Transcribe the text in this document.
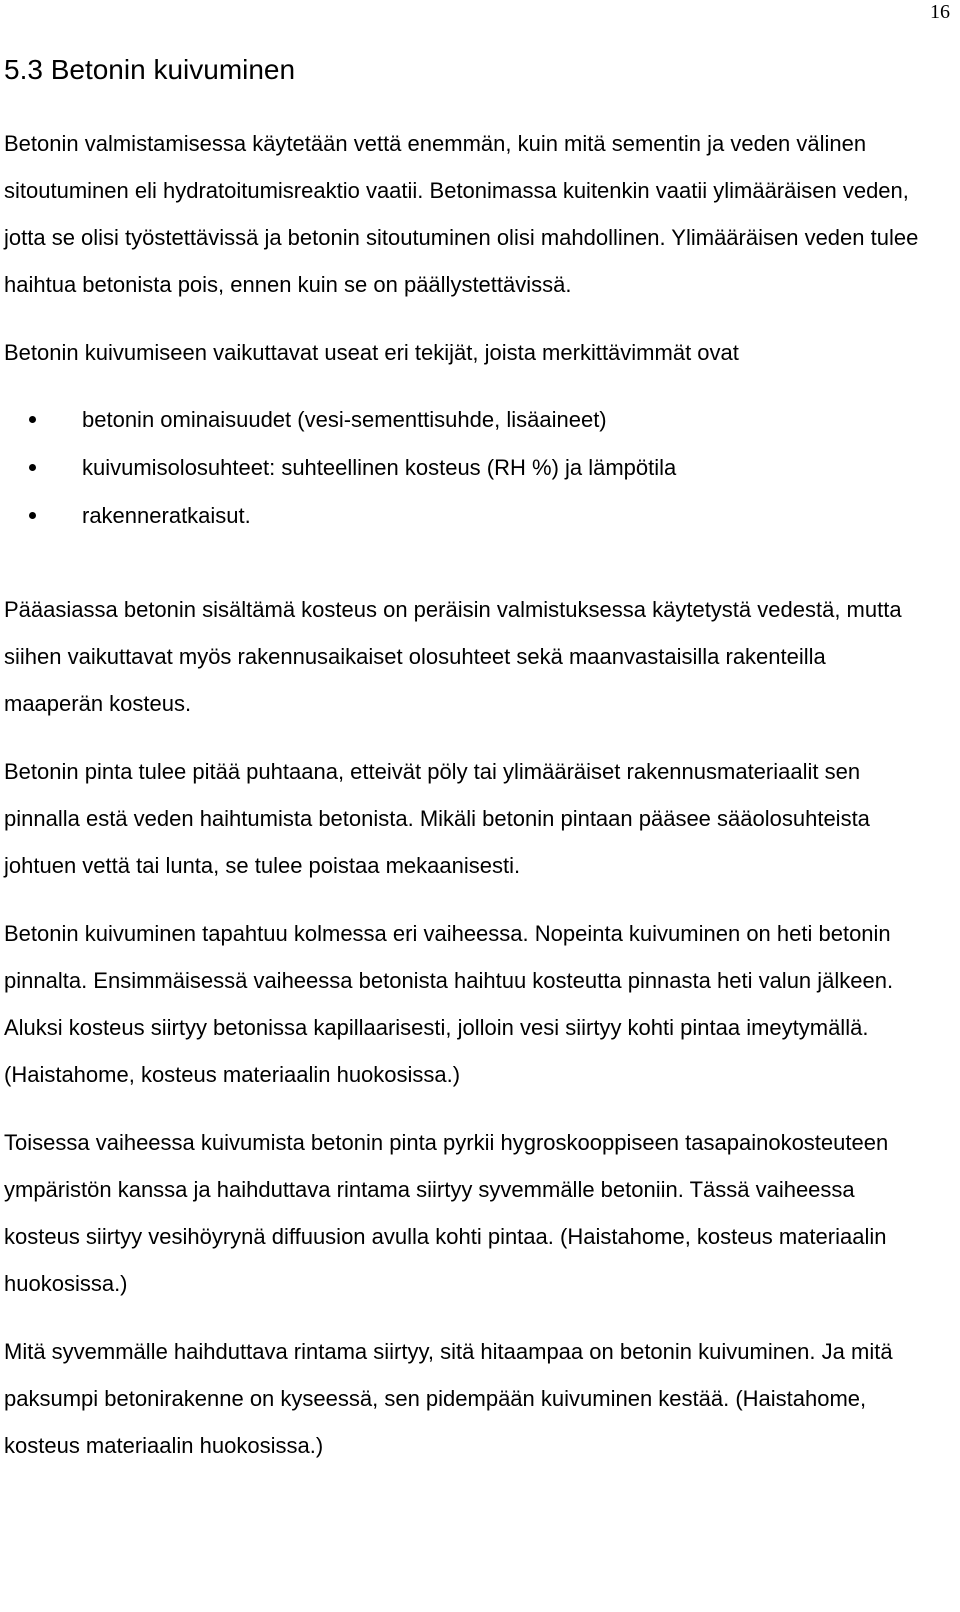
16
5.3 Betonin kuivuminen

Betonin valmistamisessa käytetään vettä enemmän, kuin mitä sementin ja veden välinen sitoutuminen eli hydratoitumisreaktio vaatii. Betonimassa kuitenkin vaatii ylimääräisen veden, jotta se olisi työstettävissä ja betonin sitoutuminen olisi mahdollinen. Ylimääräisen veden tulee haihtua betonista pois, ennen kuin se on päällystettävissä.

Betonin kuivumiseen vaikuttavat useat eri tekijät, joista merkittävimmät ovat

betonin ominaisuudet (vesi-sementtisuhde, lisäaineet)
kuivumisolosuhteet: suhteellinen kosteus (RH %) ja lämpötila
rakenneratkaisut.

Pääasiassa betonin sisältämä kosteus on peräisin valmistuksessa käytetystä vedestä, mutta siihen vaikuttavat myös rakennusaikaiset olosuhteet sekä maanvastaisilla rakenteilla maaperän kosteus.

Betonin pinta tulee pitää puhtaana, etteivät pöly tai ylimääräiset rakennusmateriaalit sen pinnalla estä veden haihtumista betonista. Mikäli betonin pintaan pääsee sääolosuhteista johtuen vettä tai lunta, se tulee poistaa mekaanisesti.

Betonin kuivuminen tapahtuu kolmessa eri vaiheessa. Nopeinta kuivuminen on heti betonin pinnalta. Ensimmäisessä vaiheessa betonista haihtuu kosteutta pinnasta heti valun jälkeen. Aluksi kosteus siirtyy betonissa kapillaarisesti, jolloin vesi siirtyy kohti pintaa imeytymällä. (Haistahome, kosteus materiaalin huokosissa.)

Toisessa vaiheessa kuivumista betonin pinta pyrkii hygroskooppiseen tasapainokosteuteen ympäristön kanssa ja haihduttava rintama siirtyy syvemmälle betoniin. Tässä vaiheessa kosteus siirtyy vesihöyrynä diffuusion avulla kohti pintaa. (Haistahome, kosteus materiaalin huokosissa.)

Mitä syvemmälle haihduttava rintama siirtyy, sitä hitaampaa on betonin kuivuminen. Ja mitä paksumpi betonirakenne on kyseessä, sen pidempään kuivuminen kestää. (Haistahome, kosteus materiaalin huokosissa.)
